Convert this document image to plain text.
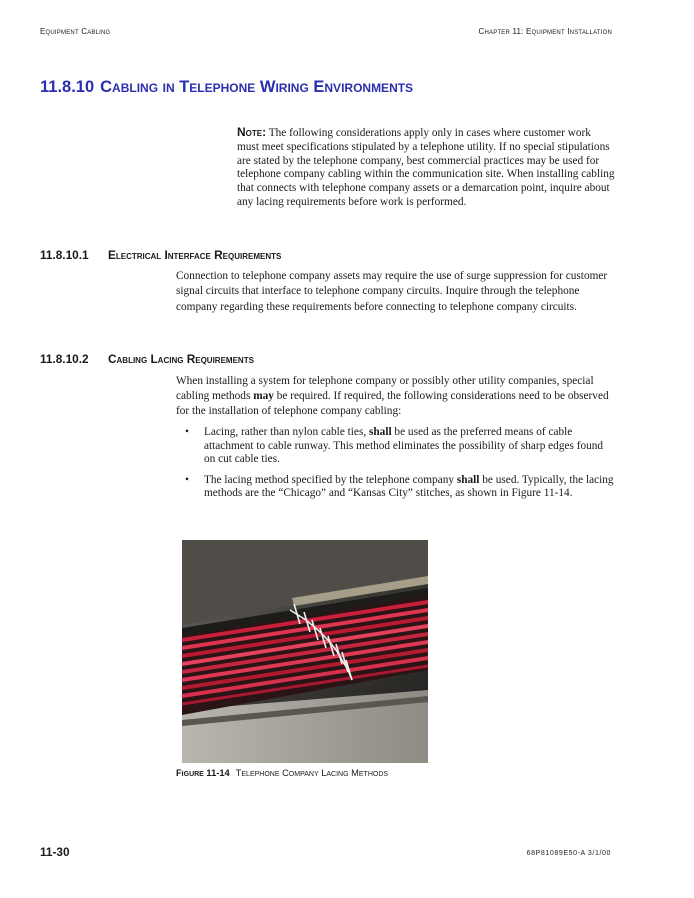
Equipment Cabling	Chapter 11: Equipment Installation
11.8.10 Cabling in Telephone Wiring Environments
Note: The following considerations apply only in cases where customer work must meet specifications stipulated by a telephone utility. If no special stipulations are stated by the telephone company, best commercial practices may be used for telephone company cabling within the communication site. When installing cabling that connects with telephone company assets or a demarcation point, inquire about any lacing requirements before work is performed.
11.8.10.1 Electrical Interface Requirements
Connection to telephone company assets may require the use of surge suppression for customer signal circuits that interface to telephone company circuits. Inquire through the telephone company regarding these requirements before connecting to telephone company circuits.
11.8.10.2 Cabling Lacing Requirements
When installing a system for telephone company or possibly other utility companies, special cabling methods may be required. If required, the following considerations need to be observed for the installation of telephone company cabling:
• Lacing, rather than nylon cable ties, shall be used as the preferred means of cable attachment to cable runway. This method eliminates the possibility of sharp edges found on cut cable ties.
• The lacing method specified by the telephone company shall be used. Typically, the lacing methods are the “Chicago” and “Kansas City” stitches, as shown in Figure 11-14.
Figure 11-14 Telephone Company Lacing Methods
11-30	68P81089E50-A 3/1/00
